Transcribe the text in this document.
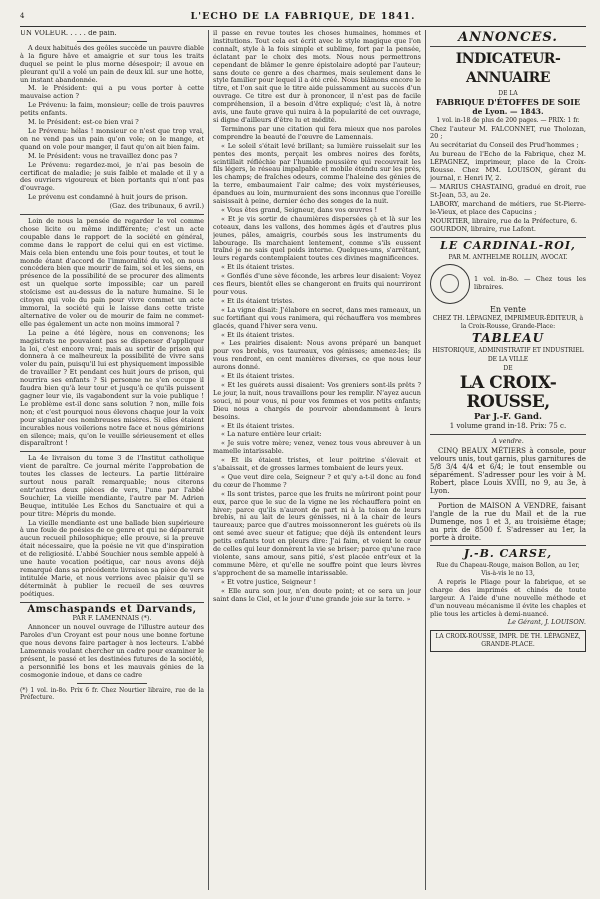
4	L'ECHO DE LA FABRIQUE, DE 1841.

UN VOLEUR. . . . . de pain.

A deux habitués des geôles succède un pauvre diable à la figure hâve et amaigrie et sur tous les traits duquel se peint le plus morne désespoir; il avoue en pleurant qu'il a volé un pain de deux kil. sur une hotte, un instant abandonnée.

M. le Président: qui a pu vous porter à cette mauvaise action ?

Le Prévenu: la faim, monsieur; celle de trois pauvres petits enfants.

M. le Président: est-ce bien vrai ?

Le Prévenu: hélas ! monsieur ce n'est que trop vrai, on ne vend pas un pain qu'on vole; on le mange, et quand on vole pour manger, il faut qu'on ait bien faim.

M. le Président: vous ne travaillez donc pas ?

Le Prévenu: regardez-moi, je n'ai pas besoin de certificat de maladie; je suis faible et malade et il y a des ouvriers vigoureux et bien portants qui n'ont pas d'ouvrage.

Le prévenu est condamné à huit jours de prison.

(Gaz. des tribunaux, 6 avril.)

Loin de nous la pensée de regarder le vol comme chose licite ou même indifférente; c'est un acte coupable dans le rapport de la société en général, comme dans le rapport de celui qui en est victime. Mais cela bien entendu une fois pour toutes, et tout le monde étant d'accord de l'immoralité du vol, on nous concédera bien que mourir de faim, soi et les siens, en présence de la possibilité de se procurer des aliments est un quelque sorte impossible; car un pareil stoïcisme est au-dessus de la nature humaine. Si le citoyen qui vole du pain pour vivre commet un acte immoral, la société qui le laisse dans cette triste alternative de voler ou de mourir de faim ne commet-elle pas également un acte non moins immoral ?

La peine a été légère, nous en convenons; les magistrats ne pouvaient pas se dispenser d'appliquer la loi, c'est encore vrai; mais au sortir de prison qui donnera à ce malheureux la possibilité de vivre sans voler du pain, puisqu'il lui est physiquement impossible de travailler ? Et pendant ces huit jours de prison, qui nourrira ses enfants ? Si personne ne s'en occupe il faudra bien qu'à leur tour et jusqu'à ce qu'ils puissent gagner leur vie, ils vagabondent sur la voie publique ! Le problème est-il donc sans solution ? non, mille fois non; et c'est pourquoi nous élevons chaque jour la voix pour signaler ces nombreuses misères. Si elles étaient incurables nous voilerions notre face et nous gémirions en silence; mais, qu'on le veuille sérieusement et elles disparaîtront !

La 4e livraison du tome 3 de l'Institut catholique vient de paraître. Ce journal mérite l'approbation de toutes les classes de lecteurs. La partie littéraire surtout nous paraît remarquable; nous citerons entr'autres deux pièces de vers, l'une par l'abbé Souchier, La vieille mendiante, l'autre par M. Adrien Beuque, intitulée Les Echos du Sanctuaire et qui a pour titre: Mépris du monde.

La vieille mendiante est une ballade bien supérieure à une foule de poésies de ce genre et qui ne déparerait aucun recueil philosophique; elle prouve, si la preuve était nécessaire, que la poésie ne vit que d'inspiration et de religiosité. L'abbé Souchier nous semble appelé à une haute vocation poétique, car nous avons déjà remarqué dans sa précédente livraison sa pièce de vers intitulée Marie, et nous verrions avec plaisir qu'il se déterminât à publier le recueil de ses œuvres poétiques.

Amschaspands et Darvands,

PAR F. LAMENNAIS (*).

Annoncer un nouvel ouvrage de l'illustre auteur des Paroles d'un Croyant est pour nous une bonne fortune que nous devons faire partager à nos lecteurs. L'abbé Lamennais voulant chercher un cadre pour examiner le présent, le passé et les destinées futures de la société, a personnifié les bons et les mauvais génies de la cosmogonie indoue, et dans ce cadre

(*) 1 vol. in-8o. Prix 6 fr. Chez Nourtier libraire, rue de la Préfecture.

il passe en revue toutes les choses humaines, hommes et institutions. Tout cela est écrit avec le style magique que l'on connaît, style à la fois simple et sublime, fort par la pensée, éclatant par le choix des mots. Nous nous permettrons cependant de blâmer le genre épistolaire adopté par l'auteur; sans doute ce genre a des charmes, mais seulement dans le style familier pour lequel il a été créé. Nous blâmons encore le titre, et l'on sait que le titre aide puissamment au succès d'un ouvrage. Ce titre est dur à prononcer, il n'est pas de facile compréhension, il a besoin d'être expliqué; c'est là, à notre avis, une faute grave qui nuira à la popularité de cet ouvrage, si digne d'ailleurs d'être lu et médité.

Terminons par une citation qui fera mieux que nos paroles comprendre la beauté de l'œuvre de Lamennais.

« Le soleil s'était levé brillant; sa lumière ruisselait sur les pentes des monts, perçait les ombres noires des forêts, scintillait réfléchie par l'humide poussière qui recouvrait les fils légers, le réseau impalpable et mobile étendu sur les prés, les champs; de fraîches odeurs, comme l'haleine des génies de la terre, embaumaient l'air calme; des voix mystérieuses, épandues au loin, murmuraient des sons inconnus que l'oreille saisissait à peine, dernier écho des songes de la nuit.

« Vous êtes grand, Seigneur, dans vos œuvres !

« Et je vis sortir de chaumières dispersées çà et là sur les coteaux, dans les vallons, des hommes âgés et d'autres plus jeunes, pâles, amaigris, courbés sous les instruments du labourage. Ils marchaient lentement, comme s'ils eussent traîné je ne sais quel poids interne. Quelques-uns, s'arrêtant, leurs regards contemplaient toutes ces divines magnificences.

« Et ils étaient tristes.

« Gonflés d'une sève féconde, les arbres leur disaient: Voyez ces fleurs, bientôt elles se changeront en fruits qui nourriront pour vous.

« Et ils étaient tristes.

« La vigne disait: J'élabore en secret, dans mes rameaux, un suc fortifiant qui vous ranimera, qui réchauffera vos membres glacés, quand l'hiver sera venu.

« Et ils étaient tristes.

« Les prairies disaient: Nous avons préparé un banquet pour vos brebis, vos taureaux, vos génisses; amenez-les; ils vous rendront, en cent manières diverses, ce que nous leur aurons donné.

« Et ils étaient tristes.

« Et les guérets aussi disaient: Vos greniers sont-ils prêts ? Le jour, la nuit, nous travaillons pour les remplir. N'ayez aucun souci, ni pour vous, ni pour vos femmes et vos petits enfants; Dieu nous a chargés de pourvoir abondamment à leurs besoins.

« Et ils étaient tristes.

« La nature entière leur criait:

« Je suis votre mère; venez, venez tous vous abreuver à un mamelle intarissable.

« Et ils étaient tristes, et leur poitrine s'élevait et s'abaissait, et de grosses larmes tombaient de leurs yeux.

« Que veut dire cela, Seigneur ? et qu'y a-t-il donc au fond du cœur de l'homme ?

« Ils sont tristes, parce que les fruits ne mûriront point pour eux, parce que le suc de la vigne ne les réchauffera point en hiver; parce qu'ils n'auront de part ni à la toison de leurs brebis, ni au lait de leurs génisses, ni à la chair de leurs taureaux; parce que d'autres moissonneront les guérets où ils ont semé avec sueur et fatigue; que déjà ils entendent leurs petits enfants tout en pleurs dire: J'ai faim, et voient le cœur de celles qui leur donnèrent la vie se briser; parce qu'une race violente, sans amour, sans pitié, s'est placée entr'eux et la commune Mère, et qu'elle ne souffre point que leurs lèvres s'approchent de sa mamelle intarissable.

« Et votre justice, Seigneur !

« Elle aura son jour, n'en doute point; et ce sera un jour saint dans le Ciel, et le jour d'une grande joie sur la terre. »

ANNONCES.

INDICATEUR-ANNUAIRE

DE LA

FABRIQUE D'ÉTOFFES DE SOIE

de Lyon. — 1843.

1 vol. in-18 de plus de 200 pages. — PRIX: 1 fr.

Chez l'auteur M. FALCONNET, rue Tholozan, 20 ;

Au secrétariat du Conseil des Prud'hommes ;

Au bureau de l'Echo de la Fabrique, chez M. LÉPAGNEZ, imprimeur, place de la Croix-Rousse. Chez MM. LOUISON, gérant du journal, r. Henri IV, 2.

— MARIUS CHASTAING, gradué en droit, rue St-Jean, 53, au 2e.

LABORY, marchand de métiers, rue St-Pierre-le-Vieux, et place des Capucins ;

NOURTIER, libraire, rue de la Préfecture, 6.

GOURDON, libraire, rue Lafont.

LE CARDINAL-ROI,

PAR M. ANTHELME ROLLIN, AVOCAT.

1 vol. in-8o. — Chez tous les libraires.

En vente

CHEZ TH. LÉPAGNEZ, IMPRIMEUR-ÉDITEUR, à la Croix-Rousse, Grande-Place:

TABLEAU

HISTORIQUE, ADMINISTRATIF ET INDUSTRIEL

DE LA VILLE

DE

LA CROIX-ROUSSE,

Par J.-F. Gand.

1 volume grand in-18. Prix: 75 c.

A vendre.

CINQ BEAUX MÉTIERS à console, pour velours unis, tout garnis, plus garnitures de 5/8 3/4 4/4 et 6/4; le tout ensemble ou séparément. S'adresser pour les voir à M. Robert, place Louis XVIII, no 9, au 3e, à Lyon.

Portion de MAISON A VENDRE, faisant l'angle de la rue du Mail et de la rue Dumenge, nos 1 et 3, au troisième étage; au prix de 8500 f. S'adresser au 1er, la porte à droite.

J.-B. CARSE,

Rue du Chapeau-Rouge, maison Bollon, au 1er, Vis-à-vis le no 13,

A repris le Pliage pour la fabrique, et se charge des imprimés et chinés de toute largeur. A l'aide d'une nouvelle méthode et d'un nouveau mécanisme il évite les chaples et plie tous les articles à demi-nuancé.

Le Gérant, J. LOUISON.

LA CROIX-ROUSSE, IMPR. DE TH. LÉPAGNEZ, GRANDE-PLACE.
